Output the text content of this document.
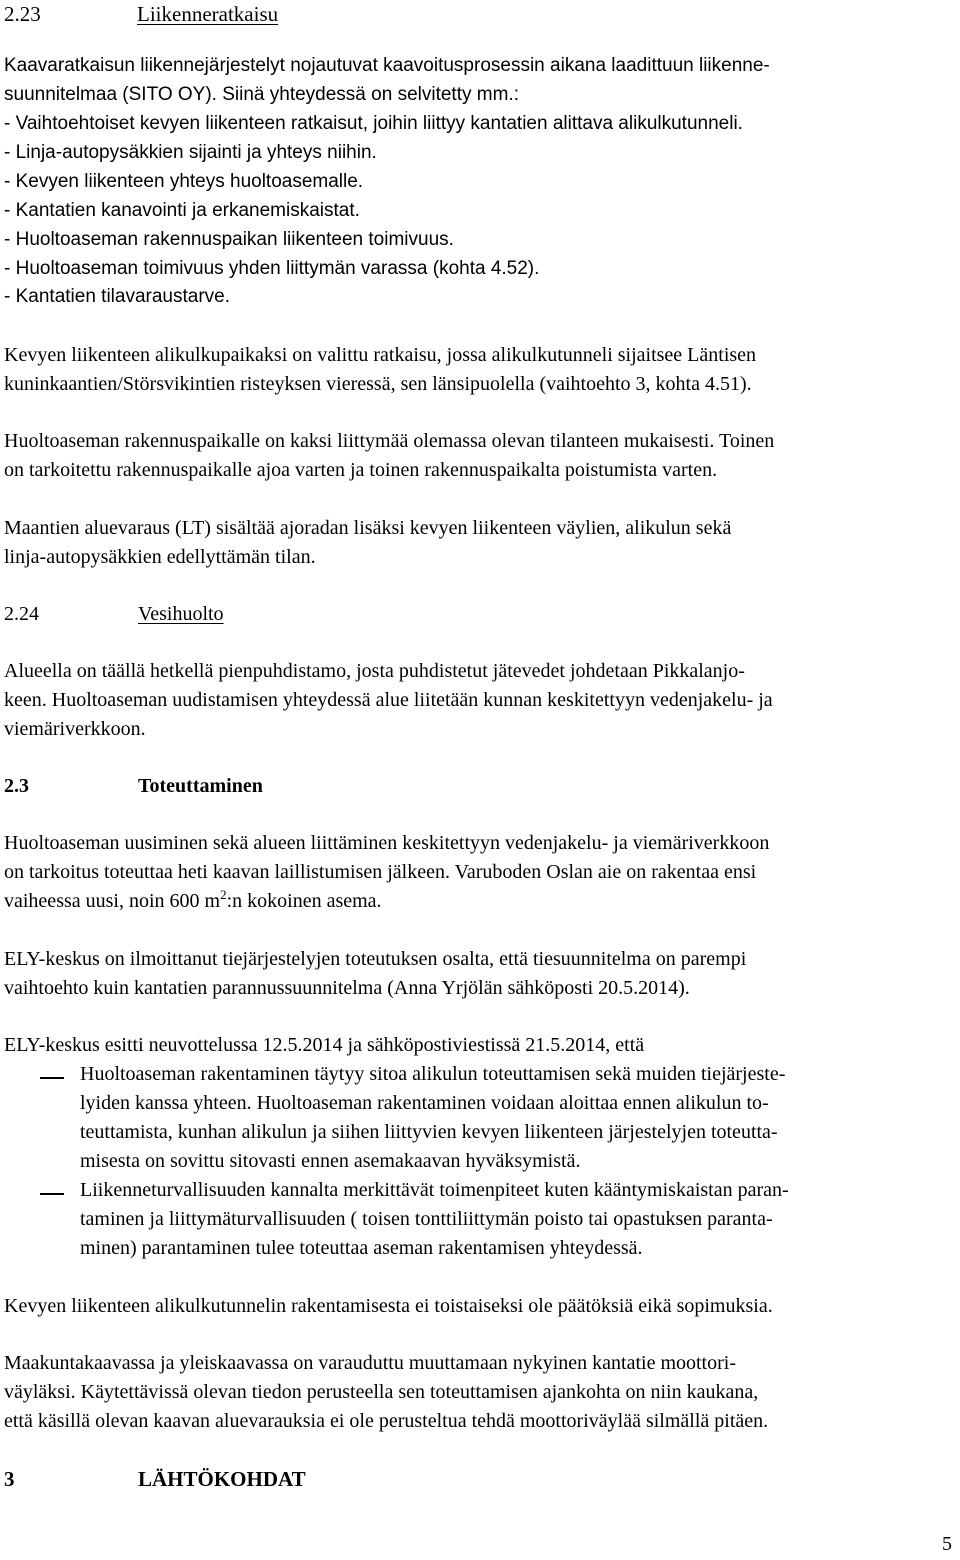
2.23	Liikenneratkaisu
Kaavaratkaisun liikennejärjestelyt nojautuvat kaavoitusprosessin aikana laadittuun liikenne-
suunnitelmaa (SITO OY). Siinä yhteydessä on selvitetty mm.:
- Vaihtoehtoiset kevyen liikenteen ratkaisut, joihin liittyy kantatien alittava alikulkutunneli.
- Linja-autopysäkkien sijainti ja yhteys niihin.
- Kevyen liikenteen yhteys huoltoasemalle.
- Kantatien kanavointi ja erkanemiskaistat.
- Huoltoaseman rakennuspaikan liikenteen toimivuus.
- Huoltoaseman toimivuus yhden liittymän varassa (kohta 4.52).
- Kantatien tilavaraustarve.
Kevyen liikenteen alikulkupaikaksi on valittu ratkaisu, jossa alikulkutunneli sijaitsee Läntisen
kuninkaantien/Störsvikintien risteyksen vieressä, sen länsipuolella (vaihtoehto 3, kohta 4.51).
Huoltoaseman rakennuspaikalle on kaksi liittymää olemassa olevan tilanteen mukaisesti. Toinen
on tarkoitettu rakennuspaikalle ajoa varten ja toinen rakennuspaikalta poistumista varten.
Maantien aluevaraus (LT) sisältää ajoradan lisäksi kevyen liikenteen väylien, alikulun sekä
linja-autopysäkkien edellyttämän tilan.
2.24	Vesihuolto
Alueella on täällä hetkellä pienpuhdistamo, josta puhdistetut jätevedet johdetaan Pikkalanjo-
keen. Huoltoaseman uudistamisen yhteydessä alue liitetään kunnan keskitettyyn vedenjakelu- ja
viemäriverkkoon.
2.3	Toteuttaminen
Huoltoaseman uusiminen sekä alueen liittäminen keskitettyyn vedenjakelu- ja viemäriverkkoon
on tarkoitus toteuttaa heti kaavan laillistumisen jälkeen. Varuboden Oslan aie on rakentaa ensi
vaiheessa uusi, noin 600 $m^2:n$ kokoinen asema.
ELY-keskus on ilmoittanut tiejärjestelyjen toteutuksen osalta, että tiesuunnitelma on parempi
vaihtoehto kuin kantatien parannussuunnitelma (Anna Yrjölän sähköposti 20.5.2014).
ELY-keskus esitti neuvottelussa 12.5.2014 ja sähköpostiviestissä 21.5.2014, että
Huoltoaseman rakentaminen täytyy sitoa alikulun toteuttamisen sekä muiden tiejärjeste-
lyiden kanssa yhteen. Huoltoaseman rakentaminen voidaan aloittaa ennen alikulun to-
teuttamista, kunhan alikulun ja siihen liittyvien kevyen liikenteen järjestelyjen toteutta-
misesta on sovittu sitovasti ennen asemakaavan hyväksymistä.
Liikenneturvallisuuden kannalta merkittävät toimenpiteet kuten kääntymiskaistan paran-
taminen ja liittymäturvallisuuden ( toisen tonttiliittymän poisto tai opastuksen paranta-
minen) parantaminen tulee toteuttaa aseman rakentamisen yhteydessä.
Kevyen liikenteen alikulkutunnelin rakentamisesta ei toistaiseksi ole päätöksiä eikä sopimuksia.
Maakuntakaavassa ja yleiskaavassa on varauduttu muuttamaan nykyinen kantatie moottori-
väyläksi. Käytettävissä olevan tiedon perusteella sen toteuttamisen ajankohta on niin kaukana,
että käsillä olevan kaavan aluevarauksia ei ole perusteltua tehdä moottoriväylää silmällä pitäen.
3	LÄHTÖKOHDAT
5
